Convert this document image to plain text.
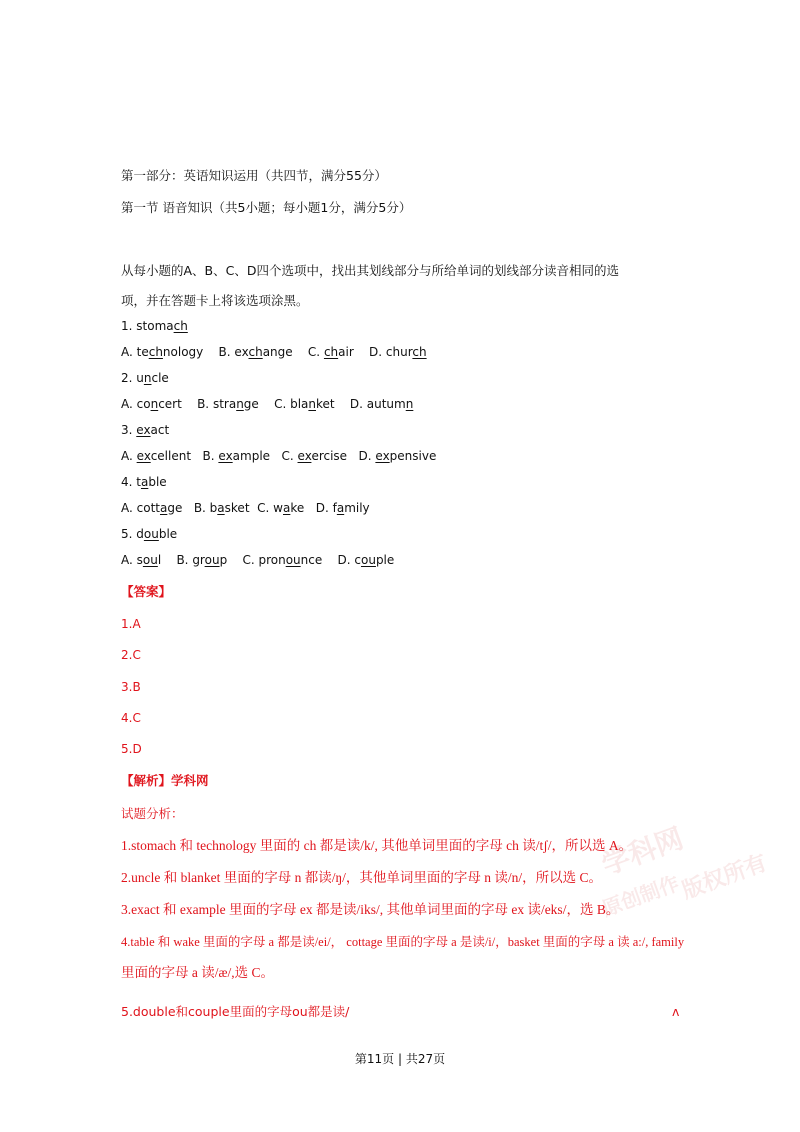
第一部分：英语知识运用（共四节，满分55分）
第一节 语音知识（共5小题；每小题1分，满分5分）
从每小题的A、B、C、D四个选项中，找出其划线部分与所给单词的划线部分读音相同的选
项，并在答题卡上将该选项涂黑。
1. stomach
A. technology    B. exchange    C. chair    D. church
2. uncle
A. concert    B. strange    C. blanket    D. autumn
3. exact
A. excellent   B. example   C. exercise   D. expensive
4. table
A. cottage   B. basket  C. wake   D. family
5. double
A. soul    B. group    C. pronounce    D. couple
【答案】
1.A
2.C
3.B
4.C
5.D
【解析】学科网
试题分析：
1.stomach 和 technology 里面的 ch 都是读/k/, 其他单词里面的字母 ch 读/tʃ/，所以选 A。
2.uncle 和 blanket 里面的字母 n 都读/ŋ/，其他单词里面的字母 n 读/n/，所以选 C。
3.exact 和 example 里面的字母 ex 都是读/iks/, 其他单词里面的字母 ex 读/eks/，选 B。
4.table 和 wake 里面的字母 a 都是读/ei/， cottage 里面的字母 a 是读/i/，basket 里面的字母 a 读 a:/, family
里面的字母 a 读/æ/,选 C。
5.double和couple里面的字母ou都是读/	ʌ
学科网
版权所有
原创制作
第11页 | 共27页
